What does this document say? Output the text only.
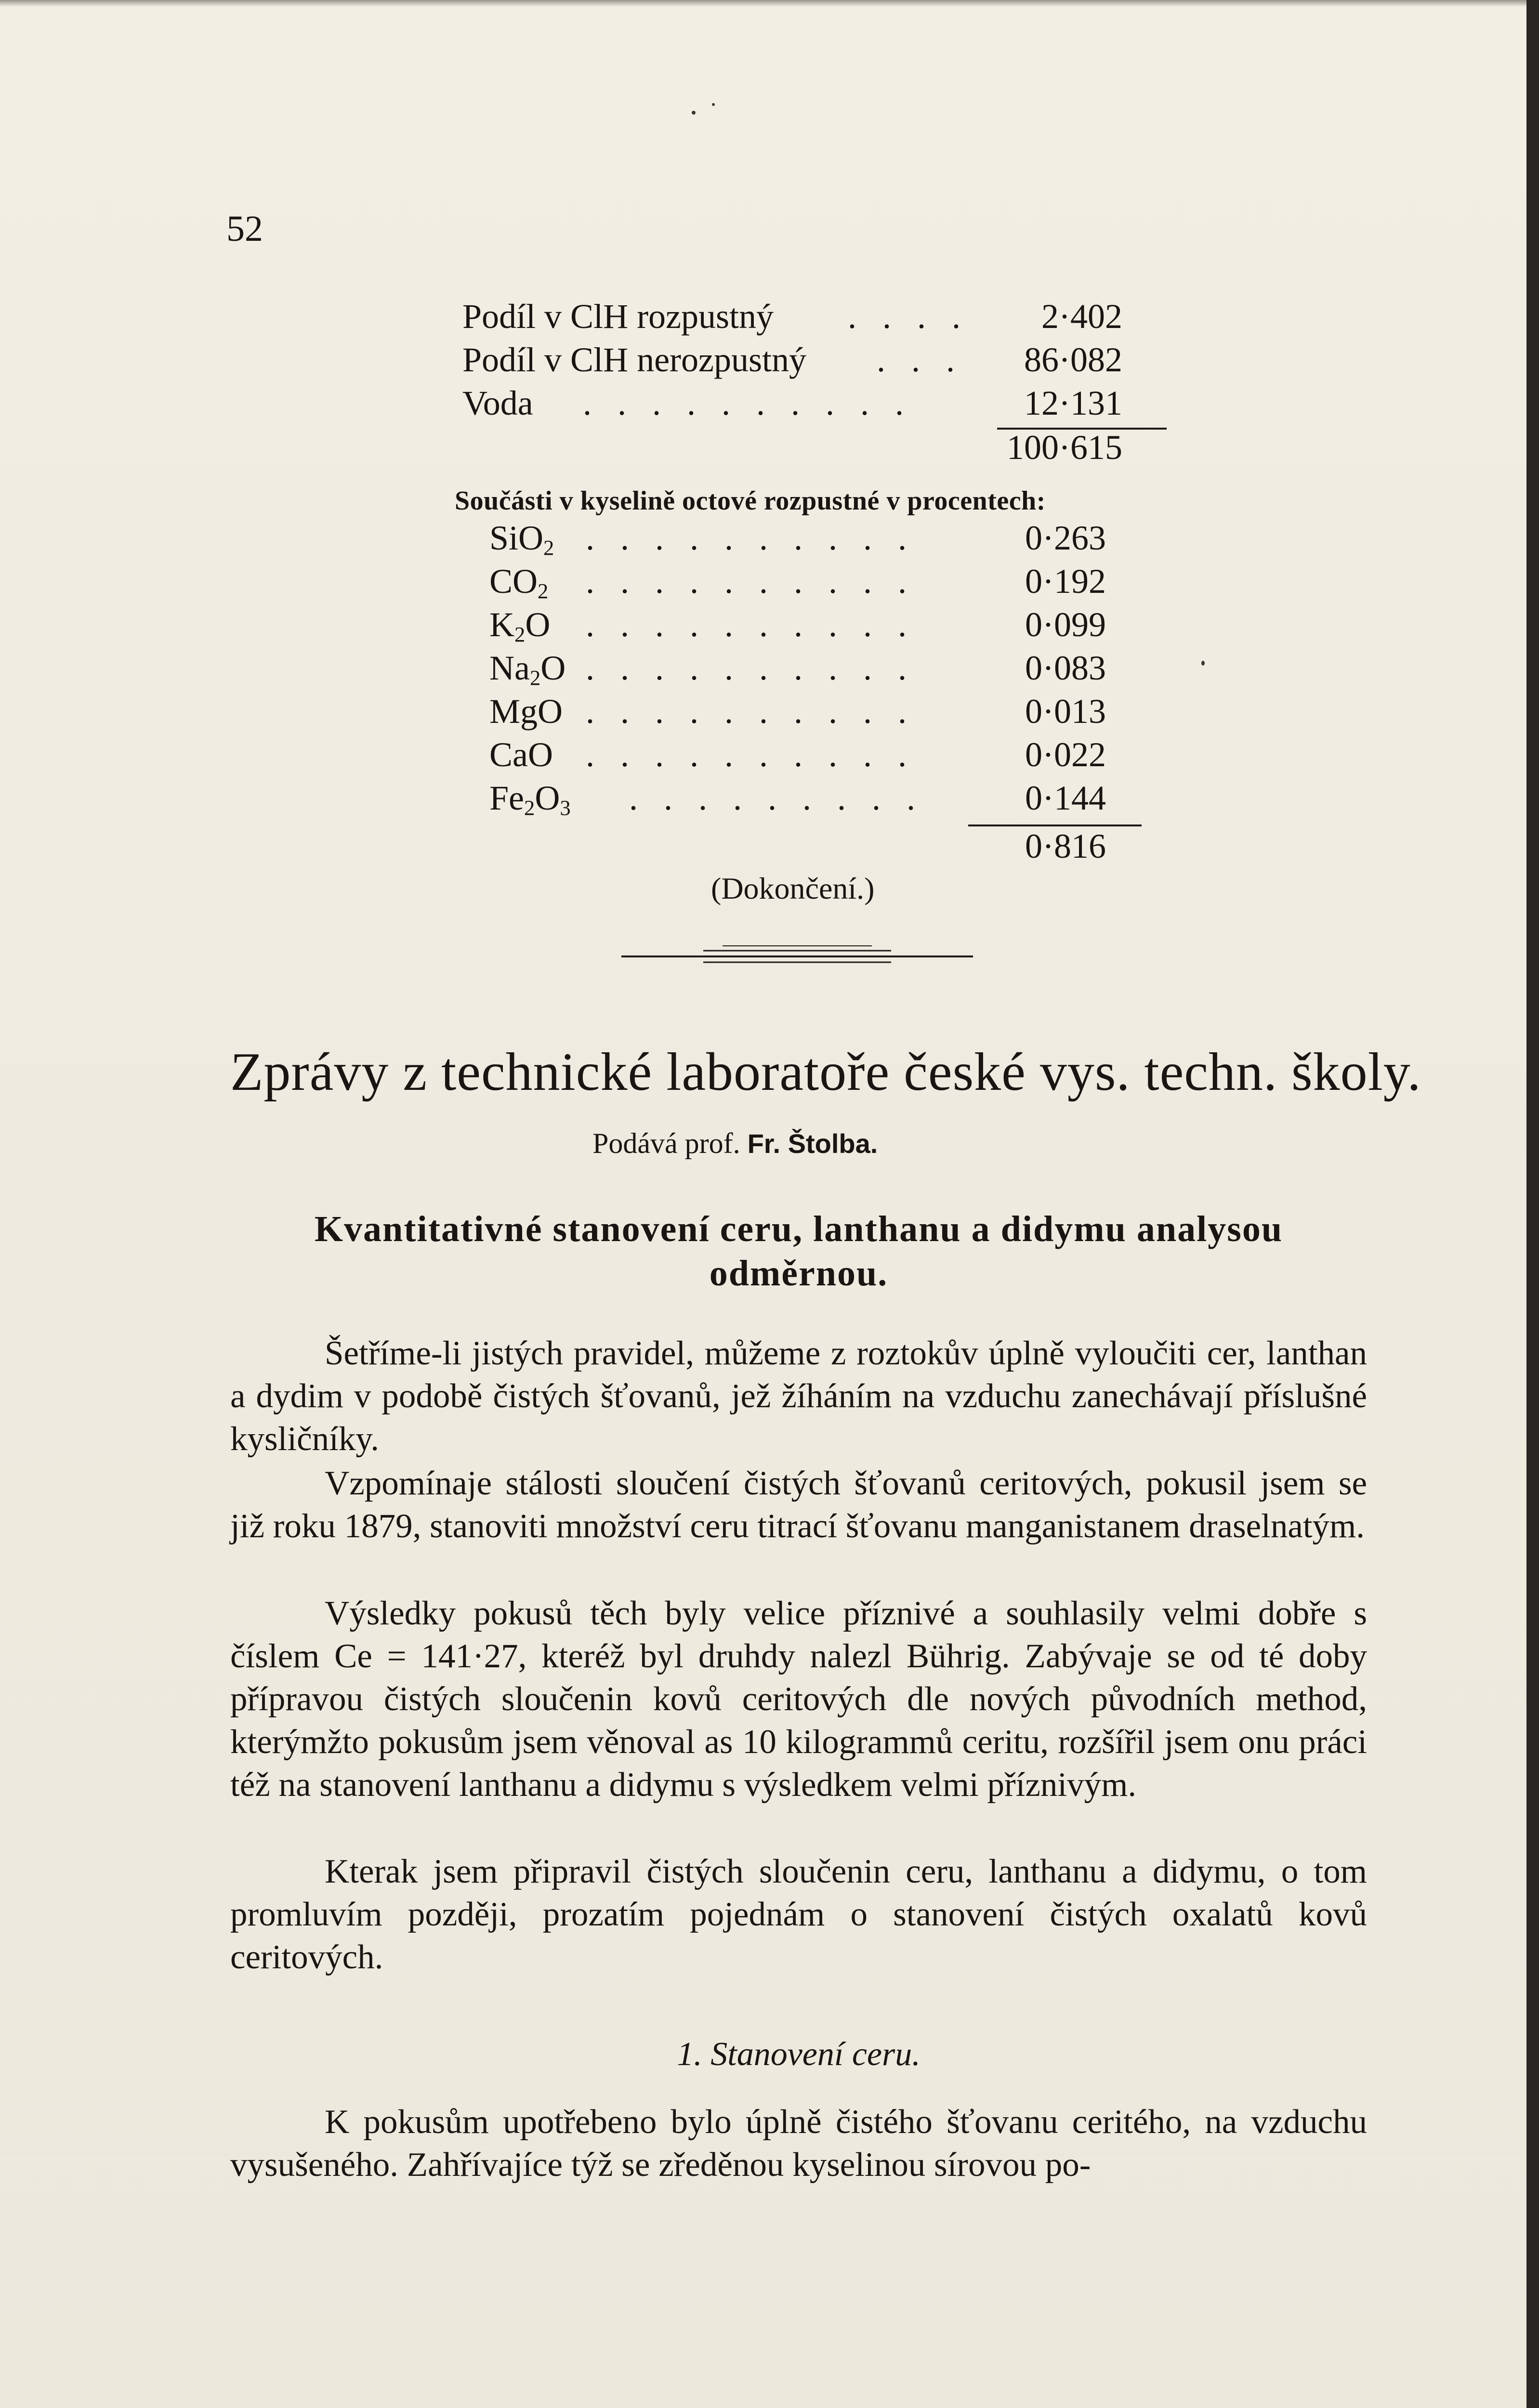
52
Podíl v ClH rozpustný . . . .	2·402
Podíl v ClH nerozpustný . . .	86·082
Voda . . . . . . . . . .	12·131
100·615
Součásti v kyselině octové rozpustné v procentech:
SiO2 . . . . . . . . . .	0·263
CO2 . . . . . . . . . .	0·192
K2O . . . . . . . . . .	0·099
Na2O . . . . . . . . . .	0·083
MgO . . . . . . . . . .	0·013
CaO . . . . . . . . . .	0·022
Fe2O3 . . . . . . . . .	0·144
0·816
(Dokončení.)
Zprávy z technické laboratoře české vys. techn. školy.
Podává prof. Fr. Štolba.
Kvantitativné stanovení ceru, lanthanu a didymu analysou odměrnou.

Šetříme-li jistých pravidel, můžeme z roztokův úplně vyloučiti cer, lanthan a dydim v podobě čistých šťovanů, jež žíháním na vzduchu zanechávají příslušné kysličníky.

Vzpomínaje stálosti sloučení čistých šťovanů ceritových, pokusil jsem se již roku 1879, stanoviti množství ceru titrací šťovanu manganistanem draselnatým.

Výsledky pokusů těch byly velice příznivé a souhlasily velmi dobře s číslem Ce = 141·27, kteréž byl druhdy nalezl Bührig. Zabývaje se od té doby přípravou čistých sloučenin kovů ceritových dle nových původních method, kterýmžto pokusům jsem věnoval as 10 kilogrammů ceritu, rozšířil jsem onu práci též na stanovení lanthanu a didymu s výsledkem velmi příznivým.

Kterak jsem připravil čistých sloučenin ceru, lanthanu a didymu, o tom promluvím později, prozatím pojednám o stanovení čistých oxalatů kovů ceritových.

1. Stanovení ceru.

K pokusům upotřebeno bylo úplně čistého šťovanu ceritého, na vzduchu vysušeného. Zahřívajíce týž se zředěnou kyselinou sírovou po-
